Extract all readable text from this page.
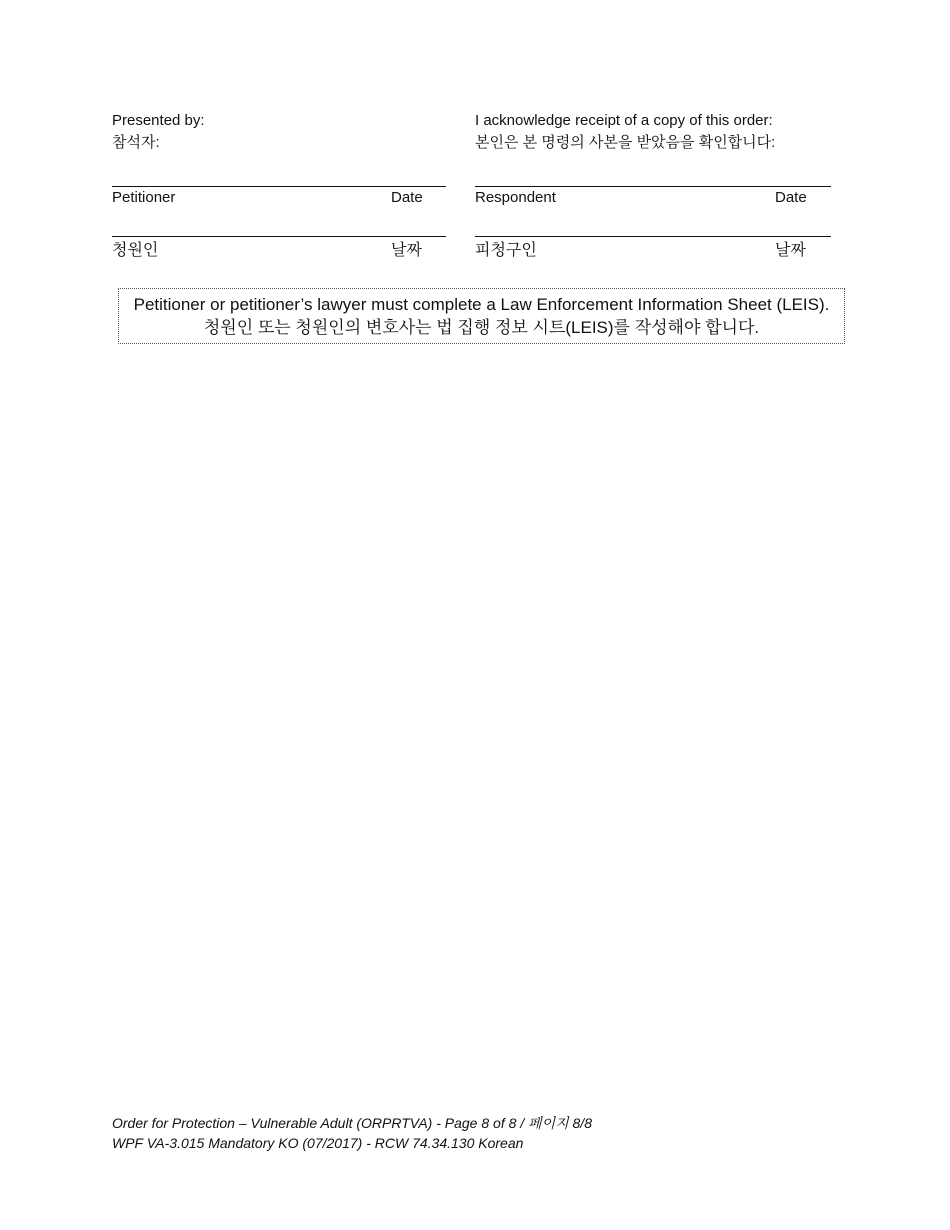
Presented by:
참석자:
I acknowledge receipt of a copy of this order:
본인은 본 명령의 사본을 받았음을 확인합니다:
Petitioner	Date	Respondent	Date
청원인	날짜	피청구인	날짜
Petitioner or petitioner’s lawyer must complete a Law Enforcement Information Sheet (LEIS).
청원인 또는 청원인의 변호사는 법 집행 정보 시트(LEIS)를 작성해야 합니다.
Order for Protection – Vulnerable Adult (ORPRTVA) - Page 8 of 8 / 페이지 8/8
WPF VA-3.015 Mandatory KO (07/2017) - RCW 74.34.130 Korean
